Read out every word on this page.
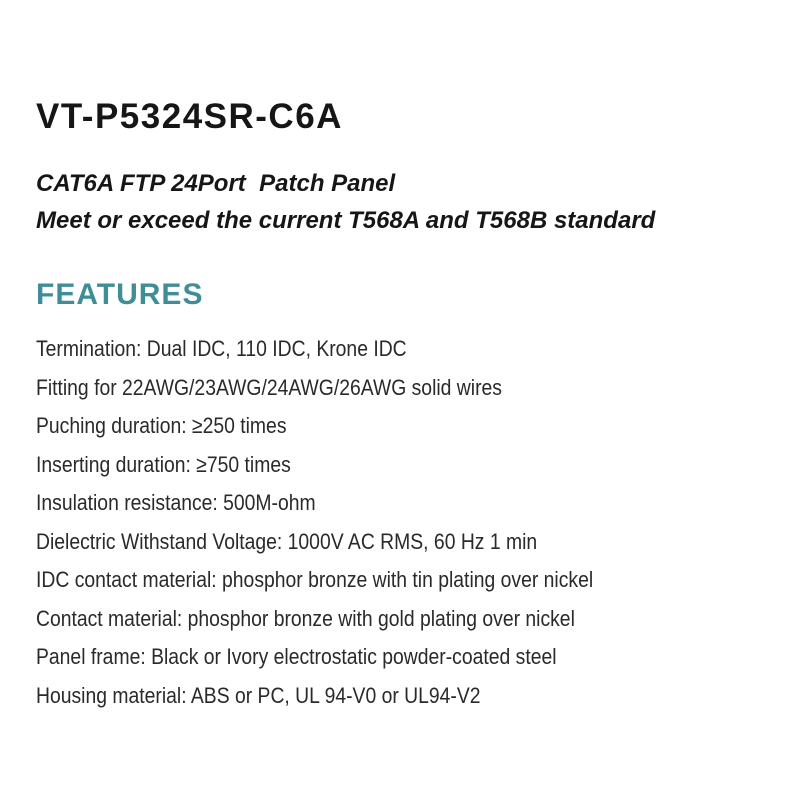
VT-P5324SR-C6A

CAT6A FTP 24Port  Patch Panel

Meet or exceed the current T568A and T568B standard

FEATURES
Termination: Dual IDC, 110 IDC, Krone IDC
Fitting for 22AWG/23AWG/24AWG/26AWG solid wires
Puching duration: ≥250 times
Inserting duration: ≥750 times
Insulation resistance: 500M-ohm
Dielectric Withstand Voltage: 1000V AC RMS, 60 Hz 1 min
IDC contact material: phosphor bronze with tin plating over nickel
Contact material: phosphor bronze with gold plating over nickel
Panel frame: Black or Ivory electrostatic powder-coated steel
Housing material: ABS or PC, UL 94-V0 or UL94-V2
